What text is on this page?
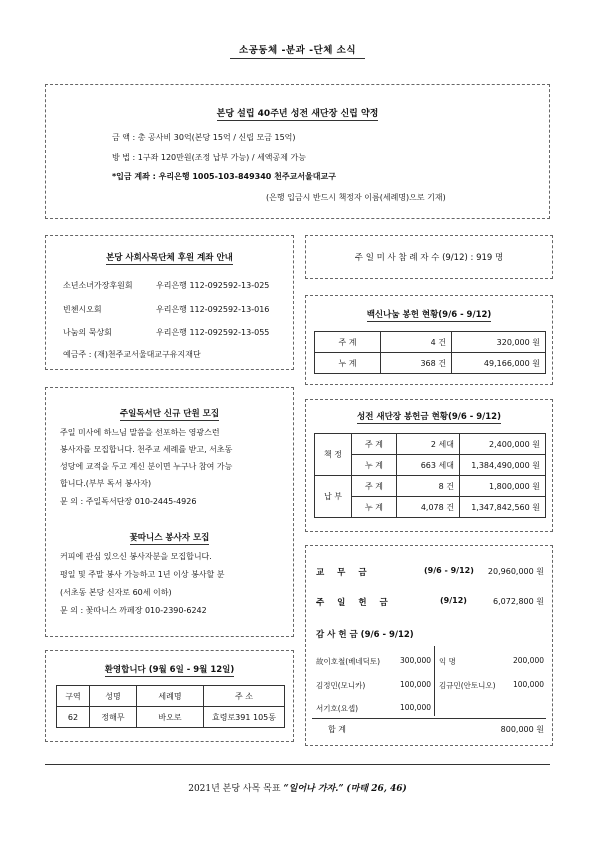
소공동체 -분과 -단체 소식
본당 설립 40주년 성전 새단장 신립 약정
금 액 : 총 공사비 30억(본당 15억 / 신립 모금 15억)
방 법 : 1구좌 120만원(조정 납부 가능) / 세액공제 가능
*입금 계좌 : 우리은행 1005-103-849340 천주교서울대교구
(은행 입금시 반드시 책정자 이름(세례명)으로 기재)
본당 사회사목단체 후원 계좌 안내
소년소녀가장후원회	우리은행 112-092592-13-025
빈첸시오회	우리은행 112-092592-13-016
나눔의 묵상회	우리은행 112-092592-13-055
예금주 : (재)천주교서울대교구유지재단
주 일 미 사 참 례 자 수 (9/12) : 919 명
백신나눔 봉헌 현황(9/6 - 9/12)
주 계	4 건	320,000 원
누 계	368 건	49,166,000 원
주일독서단 신규 단원 모집
주일 미사에 하느님 말씀을 선포하는 영광스런
봉사자를 모집합니다. 천주교 세례를 받고, 서초동
성당에 교적을 두고 계신 분이면 누구나 참여 가능
합니다.(부부 독서 봉사자)
문 의 : 주일독서단장 010-2445-4926
꽃따니스 봉사자 모집
커피에 관심 있으신 봉사자분을 모집합니다.
평일 및 주말 봉사 가능하고 1년 이상 봉사할 분
(서초동 본당 신자로 60세 이하)
문 의 : 꽃따니스 까페장 010-2390-6242
성전 새단장 봉헌금 현황(9/6 - 9/12)
책 정	주 계	2 세대	2,400,000 원
	누 계	663 세대	1,384,490,000 원
납 부	주 계	8 건	1,800,000 원
	누 계	4,078 건	1,347,842,560 원
교 무 금	(9/6 - 9/12)	20,960,000 원
주 일 헌 금	(9/12)	6,072,800 원
감 사 헌 금 (9/6 - 9/12)
故이호철(베네딕토)	300,000
김정민(모니카)	100,000
서기호(요셉)	100,000
익 명	200,000
김규민(안토니오)	100,000
합 계	800,000 원
환영합니다 (9월 6일 - 9월 12일)
구역	성명	세례명	주 소
62	정해무	바오로	효령로391 105동
2021년 본당 사목 목표 “일어나 가자.” (마태 26, 46)
